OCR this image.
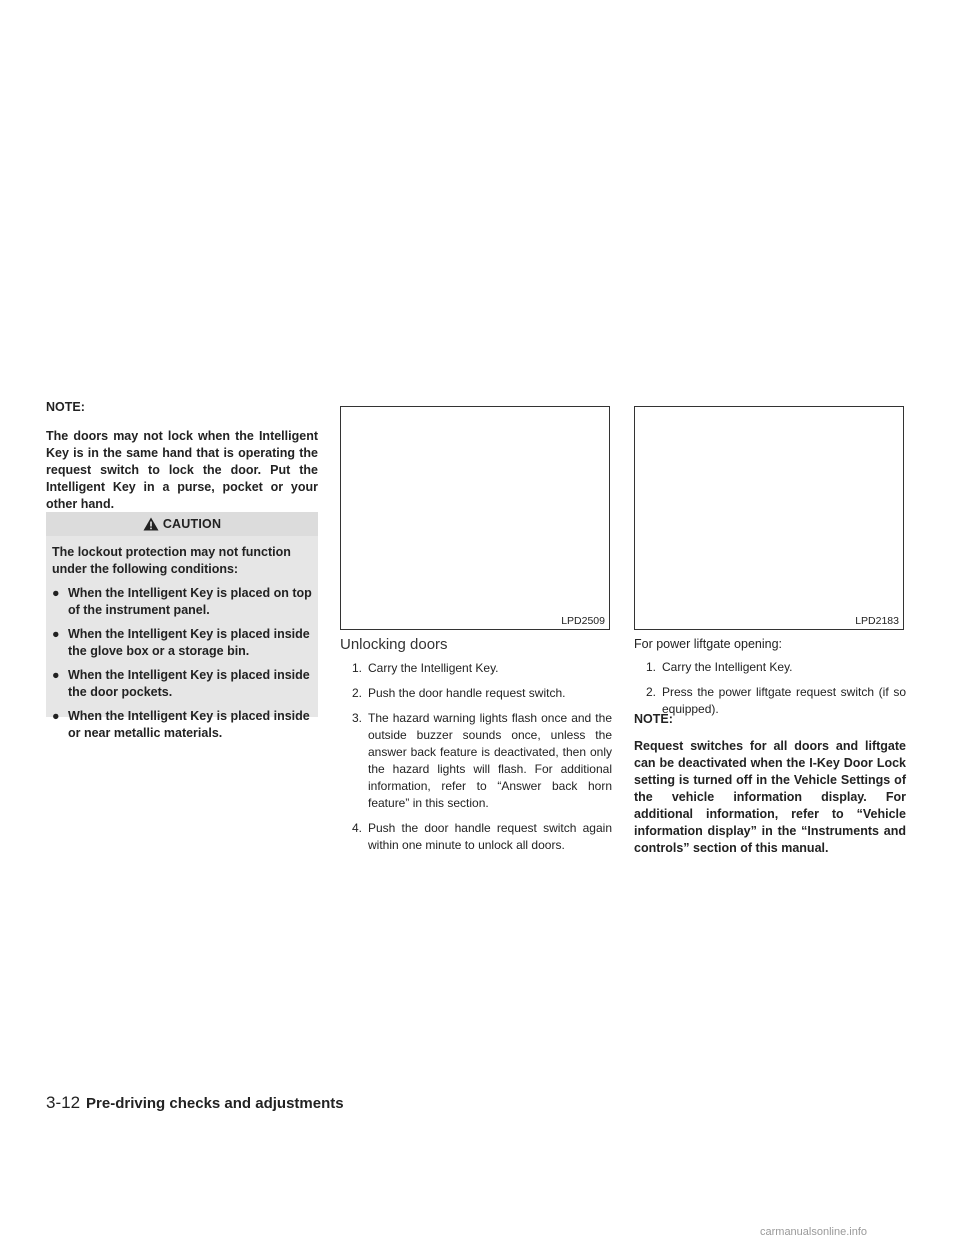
NOTE:

The doors may not lock when the Intelligent Key is in the same hand that is operating the request switch to lock the door. Put the Intelligent Key in a purse, pocket or your other hand.

CAUTION

The lockout protection may not function under the following conditions:

● When the Intelligent Key is placed on top of the instrument panel.
● When the Intelligent Key is placed inside the glove box or a storage bin.
● When the Intelligent Key is placed inside the door pockets.
● When the Intelligent Key is placed inside or near metallic materials.
LPD2509
Unlocking doors
1. Carry the Intelligent Key.
2. Push the door handle request switch.
3. The hazard warning lights flash once and the outside buzzer sounds once, unless the answer back feature is deactivated, then only the hazard lights will flash. For additional information, refer to “Answer back horn feature” in this section.
4. Push the door handle request switch again within one minute to unlock all doors.
LPD2183
For power liftgate opening:
1. Carry the Intelligent Key.
2. Press the power liftgate request switch (if so equipped).
NOTE:

Request switches for all doors and liftgate can be deactivated when the I-Key Door Lock setting is turned off in the Vehicle Settings of the vehicle information display. For additional information, refer to “Vehicle information display” in the “Instruments and controls” section of this manual.

3-12 Pre-driving checks and adjustments
carmanualsonline.info
